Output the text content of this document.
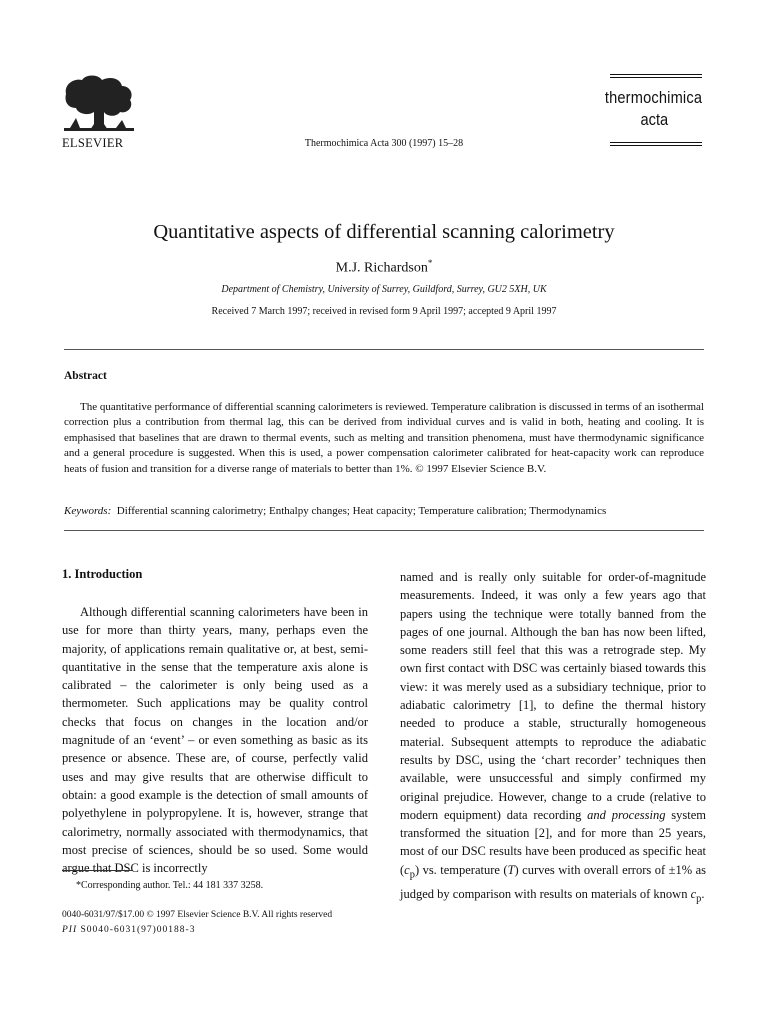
ELSEVIER	Thermochimica Acta 300 (1997) 15–28
thermochimica
acta
Quantitative aspects of differential scanning calorimetry
M.J. Richardson*
Department of Chemistry, University of Surrey, Guildford, Surrey, GU2 5XH, UK
Received 7 March 1997; received in revised form 9 April 1997; accepted 9 April 1997
Abstract
The quantitative performance of differential scanning calorimeters is reviewed. Temperature calibration is discussed in terms of an isothermal correction plus a contribution from thermal lag, this can be derived from individual curves and is valid in both, heating and cooling. It is emphasised that baselines that are drawn to thermal events, such as melting and transition phenomena, must have thermodynamic significance and a general procedure is suggested. When this is used, a power compensation calorimeter calibrated for heat-capacity work can reproduce heats of fusion and transition for a diverse range of materials to better than 1%. © 1997 Elsevier Science B.V.
Keywords: Differential scanning calorimetry; Enthalpy changes; Heat capacity; Temperature calibration; Thermodynamics
1. Introduction
Although differential scanning calorimeters have been in use for more than thirty years, many, perhaps even the majority, of applications remain qualitative or, at best, semi-quantitative in the sense that the temperature axis alone is calibrated – the calorimeter is only being used as a thermometer. Such applications may be quality control checks that focus on changes in the location and/or magnitude of an ‘event’ – or even something as basic as its presence or absence. These are, of course, perfectly valid uses and may give results that are otherwise difficult to obtain: a good example is the detection of small amounts of polyethylene in polypropylene. It is, however, strange that calorimetry, normally associated with thermodynamics, that most precise of sciences, should be so used. Some would argue that DSC is incorrectly
named and is really only suitable for order-of-magnitude measurements. Indeed, it was only a few years ago that papers using the technique were totally banned from the pages of one journal. Although the ban has now been lifted, some readers still feel that this was a retrograde step. My own first contact with DSC was certainly biased towards this view: it was merely used as a subsidiary technique, prior to adiabatic calorimetry [1], to define the thermal history needed to produce a stable, structurally homogeneous material. Subsequent attempts to reproduce the adiabatic results by DSC, using the ‘chart recorder’ techniques then available, were unsuccessful and simply confirmed my original prejudice. However, change to a crude (relative to modern equipment) data recording and processing system transformed the situation [2], and for more than 25 years, most of our DSC results have been produced as specific heat $(c_p)$ vs. temperature (T) curves with overall errors of ±1% as judged by comparison with results on materials of known $c_p$.
*Corresponding author. Tel.: 44 181 337 3258.
0040-6031/97/$17.00 © 1997 Elsevier Science B.V. All rights reserved
PII S0040-6031(97)00188-3
